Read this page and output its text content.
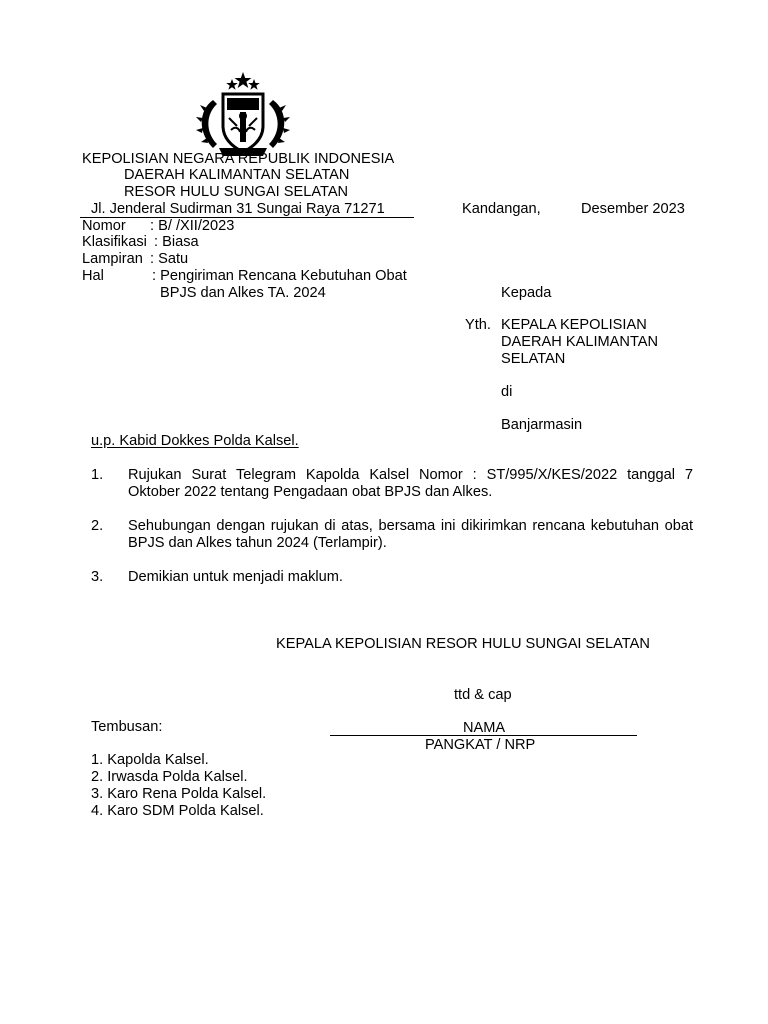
KEPOLISIAN NEGARA REPUBLIK INDONESIA
DAERAH KALIMANTAN SELATAN
RESOR HULU SUNGAI SELATAN
Jl. Jenderal Sudirman 31 Sungai Raya 71271	Kandangan,	Desember 2023
Nomor : B/ /XII/2023
Klasifikasi : Biasa
Lampiran : Satu
Hal	: Pengiriman Rencana Kebutuhan Obat
BPJS dan Alkes TA. 2024	Kepada
Yth. KEPALA KEPOLISIAN
DAERAH KALIMANTAN
SELATAN
di
Banjarmasin
u.p. Kabid Dokkes Polda Kalsel.
1. Rujukan Surat Telegram Kapolda Kalsel Nomor : ST/995/X/KES/2022 tanggal 7 Oktober 2022 tentang Pengadaan obat BPJS dan Alkes.
2. Sehubungan dengan rujukan di atas, bersama ini dikirimkan rencana kebutuhan obat BPJS dan Alkes tahun 2024 (Terlampir).
3. Demikian untuk menjadi maklum.
KEPALA KEPOLISIAN RESOR HULU SUNGAI SELATAN
ttd & cap
NAMA
PANGKAT / NRP
Tembusan:
1. Kapolda Kalsel.
2. Irwasda Polda Kalsel.
3. Karo Rena Polda Kalsel.
4. Karo SDM Polda Kalsel.
